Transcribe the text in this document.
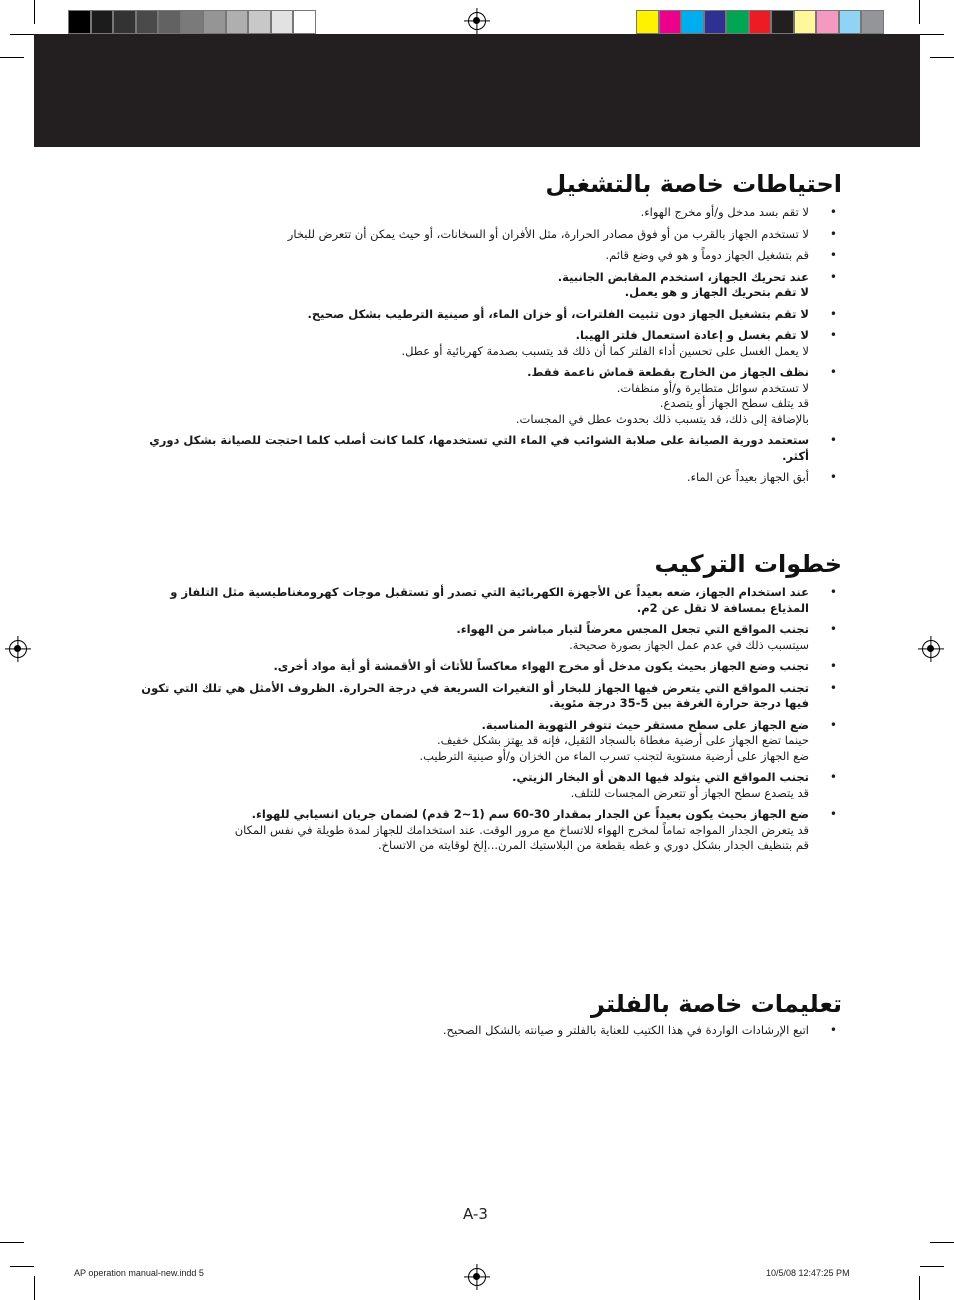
احتياطات خاصة بالتشغيل
•
لا تقم بسد مدخل و/أو مخرج الهواء.
•
لا تستخدم الجهاز بالقرب من أو فوق مصادر الحرارة، مثل الأفران أو السخانات، أو حيث يمكن أن تتعرض للبخار
•
قم بتشغيل الجهاز دوماً و هو في وضع قائم.
•
عند تحريك الجهاز، استخدم المقابض الجانبية.
لا تقم بتحريك الجهاز و هو يعمل.
•
لا تقم بتشغيل الجهاز دون تثبيت الفلترات، أو خزان الماء، أو صينية الترطيب بشكل صحيح.
•
لا تقم بغسل و إعادة استعمال فلتر الهيبا.
لا يعمل الغسل على تحسين أداء الفلتر كما أن ذلك قد يتسبب بصدمة كهربائية أو عطل.
•
نظف الجهاز من الخارج بقطعة قماش ناعمة فقط.
لا تستخدم سوائل متطايرة و/أو منظفات.
قد يتلف سطح الجهاز أو يتصدع.
بالإضافة إلى ذلك، قد يتسبب ذلك بحدوث عطل في المجسات.
•
ستعتمد دورية الصيانة على صلابة الشوائب في الماء التي تستخدمها، كلما كانت أصلب كلما احتجت للصيانة بشكل دوري أكثر.
•
أبق الجهاز بعيداً عن الماء.
خطوات التركيب
•
عند استخدام الجهاز، ضعه بعيداً عن الأجهزة الكهربائية التي تصدر أو تستقبل موجات كهرومغناطيسية مثل التلفاز و المذياع بمسافة لا تقل عن 2م.
•
تجنب المواقع التي تجعل المجس معرضاً لتيار مباشر من الهواء.
سيتسبب ذلك في عدم عمل الجهاز بصورة صحيحة.
•
تجنب وضع الجهاز بحيث يكون مدخل أو مخرج الهواء معاكساً للأثاث أو الأقمشة أو أية مواد أخرى.
•
تجنب المواقع التي يتعرض فيها الجهاز للبخار أو التغيرات السريعة في درجة الحرارة. الظروف الأمثل هي تلك التي تكون فيها درجة حرارة الغرفة بين 5-35 درجة مئوية.
•
ضع الجهاز على سطح مستقر حيث تتوفر التهوية المناسبة.
حينما تضع الجهاز على أرضية مغطاة بالسجاد الثقيل، فإنه قد يهتز بشكل خفيف.
ضع الجهاز على أرضية مستوية لتجنب تسرب الماء من الخزان و/أو صينية الترطيب.
•
تجنب المواقع التي يتولد فيها الدهن أو البخار الزيتي.
قد يتصدع سطح الجهاز أو تتعرض المجسات للتلف.
•
ضع الجهاز بحيث يكون بعيداً عن الجدار بمقدار 30-60 سم (1~2 قدم) لضمان جريان انسيابي للهواء.
قد يتعرض الجدار المواجه تماماً لمخرج الهواء للاتساخ مع مرور الوقت. عند استخدامك للجهاز لمدة طويلة في نفس المكان
قم بتنظيف الجدار بشكل دوري و غطه بقطعة من البلاستيك المرن...إلخ لوقايته من الاتساخ.
تعليمات خاصة بالفلتر
•
اتبع الإرشادات الواردة في هذا الكتيب للعناية بالفلتر و صيانته بالشكل الصحيح.
A-3
AP operation manual-new.indd 5	10/5/08 12:47:25 PM
